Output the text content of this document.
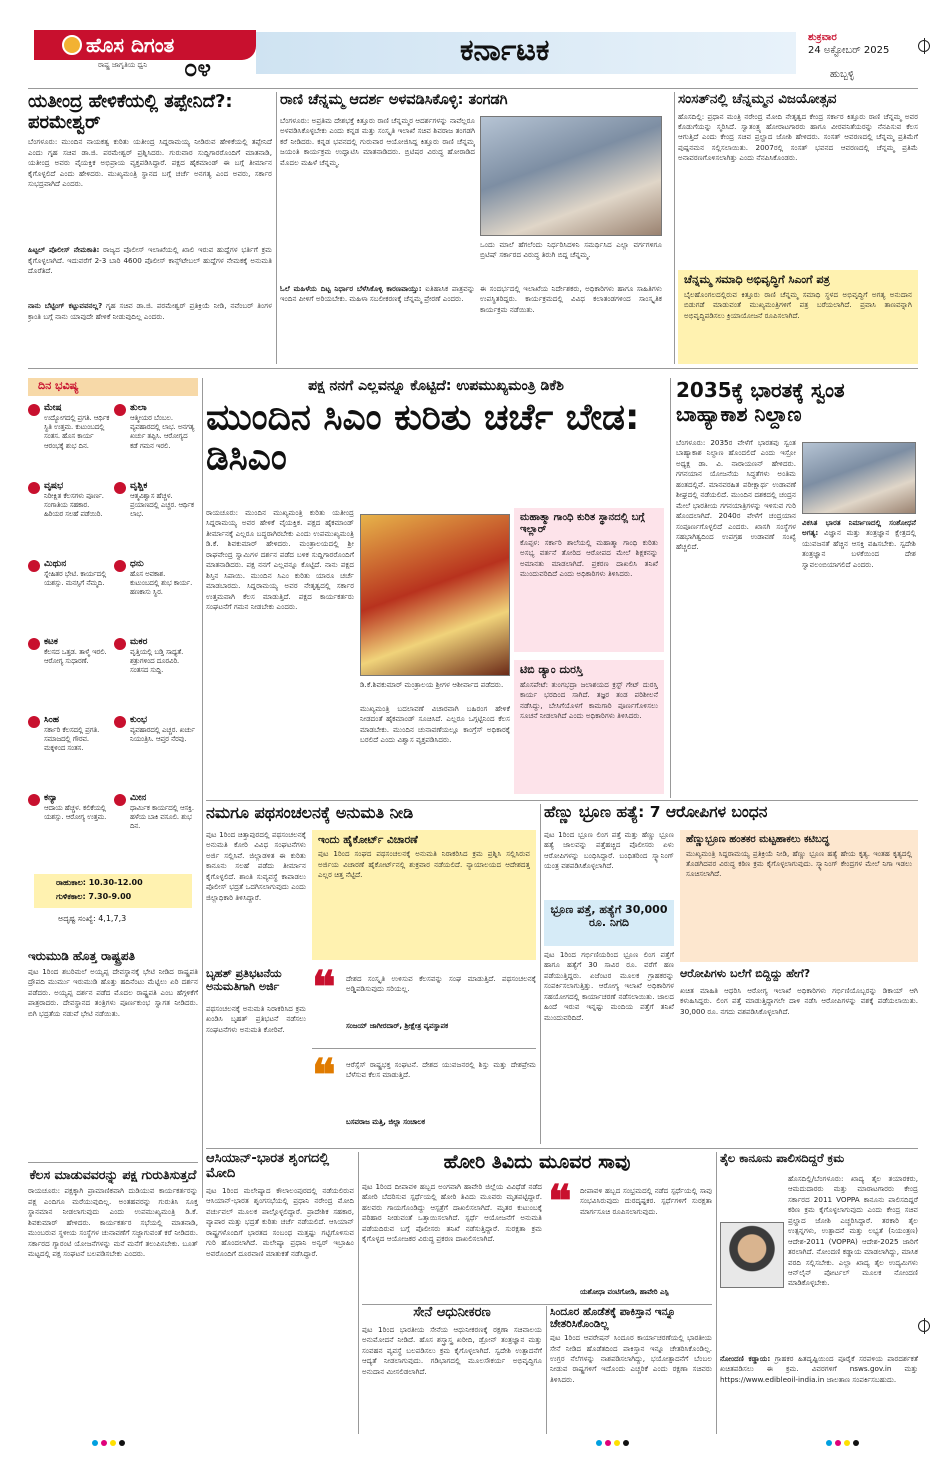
ಹೊಸ ದಿಗಂತ
ರಾಷ್ಟ್ರ ಜಾಗೃತಿಯ ಧ್ವನಿ ೦೪	ಕರ್ನಾಟಕ	ಶುಕ್ರವಾರ
24 ಅಕ್ಟೋಬರ್ 2025
ಹುಬ್ಬಳ್ಳಿ
ಯತೀಂದ್ರ ಹೇಳಿಕೆಯಲ್ಲಿ ತಪ್ಪೇನಿದೆ?: ಪರಮೇಶ್ವರ್
ಬೆಂಗಳೂರು: ಮುಂದಿನ ನಾಯಕತ್ವ ಕುರಿತು ಯತೀಂದ್ರ ಸಿದ್ದರಾಮಯ್ಯ ನೀಡಿರುವ ಹೇಳಿಕೆಯಲ್ಲಿ ತಪ್ಪೇನಿದೆ ಎಂದು ಗೃಹ ಸಚಿವ ಡಾ.ಜಿ. ಪರಮೇಶ್ವರ್ ಪ್ರಶ್ನಿಸಿದರು. ಗುರುವಾರ ಸುದ್ದಿಗಾರರೊಂದಿಗೆ ಮಾತನಾಡಿ, ಯತೀಂದ್ರ ಅವರು ವೈಯಕ್ತಿಕ ಅಭಿಪ್ರಾಯ ವ್ಯಕ್ತಪಡಿಸಿದ್ದಾರೆ. ಪಕ್ಷದ ಹೈಕಮಾಂಡ್ ಈ ಬಗ್ಗೆ ತೀರ್ಮಾನ ಕೈಗೊಳ್ಳಲಿದೆ ಎಂದು ಹೇಳಿದರು. ಮುಖ್ಯಮಂತ್ರಿ ಸ್ಥಾನದ ಬಗ್ಗೆ ಚರ್ಚೆ ಅನಗತ್ಯ ಎಂದ ಅವರು, ಸರ್ಕಾರ ಸುಭದ್ರವಾಗಿದೆ ಎಂದರು.
ಹಿಟ್ಟಲ್ ಪೊಲೀಸ್ ನೇಮಕಾತಿ: ರಾಜ್ಯದ ಪೊಲೀಸ್ ಇಲಾಖೆಯಲ್ಲಿ ಖಾಲಿ ಇರುವ ಹುದ್ದೆಗಳ ಭರ್ತಿಗೆ ಕ್ರಮ ಕೈಗೊಳ್ಳಲಾಗಿದೆ. ಇದುವರೆಗೆ 2-3 ಬಾರಿ 4600 ಪೊಲೀಸ್ ಕಾನ್ಸ್‌ಟೇಬಲ್ ಹುದ್ದೆಗಳ ನೇಮಕಕ್ಕೆ ಅನುಮತಿ ದೊರೆತಿದೆ.
ನಾನು ಬೆಟ್ಟಿಂಗ್ ಕಟ್ಟುವವನಲ್ಲ? ಗೃಹ ಸಚಿವ ಡಾ.ಜಿ. ಪರಮೇಶ್ವರ್ ಪ್ರತಿಕ್ರಿಯೆ ನೀಡಿ, ನವೆಂಬರ್ ತಿಂಗಳ ಕ್ರಾಂತಿ ಬಗ್ಗೆ ನಾನು ಯಾವುದೇ ಹೇಳಿಕೆ ನೀಡುವುದಿಲ್ಲ ಎಂದರು.
ರಾಣಿ ಚೆನ್ನಮ್ಮ ಆದರ್ಶ ಅಳವಡಿಸಿಕೊಳ್ಳಿ: ತಂಗಡಗಿ
ಬೆಂಗಳೂರು: ಅಪ್ರತಿಮ ದೇಶಭಕ್ತೆ ಕಿತ್ತೂರು ರಾಣಿ ಚೆನ್ನಮ್ಮರ ಆದರ್ಶಗಳನ್ನು ನಾವೆಲ್ಲರೂ ಅಳವಡಿಸಿಕೊಳ್ಳಬೇಕು ಎಂದು ಕನ್ನಡ ಮತ್ತು ಸಂಸ್ಕೃತಿ ಇಲಾಖೆ ಸಚಿವ ಶಿವರಾಜ ತಂಗಡಗಿ ಕರೆ ನೀಡಿದರು. ಕನ್ನಡ ಭವನದಲ್ಲಿ ಗುರುವಾರ ಆಯೋಜಿಸಿದ್ದ ಕಿತ್ತೂರು ರಾಣಿ ಚೆನ್ನಮ್ಮ ಜಯಂತಿ ಕಾರ್ಯಕ್ರಮ ಉದ್ಘಾಟಿಸಿ ಮಾತನಾಡಿದರು. ಬ್ರಿಟಿಷರ ವಿರುದ್ಧ ಹೋರಾಡಿದ ಮೊದಲ ಮಹಿಳೆ ಚೆನ್ನಮ್ಮ.
ಓಲೆ ಮಹಿಳೆಯ ದಿಟ್ಟ ನಿರ್ಧಾರ ಬೆಳೆಸಿಕೊಳ್ಳಿ ಕಾರಣವಾಯ್ತು: ಐತಿಹಾಸಿಕ ಪಾತ್ರವನ್ನು ಇಂದಿನ ಪೀಳಿಗೆ ಅರಿಯಬೇಕು. ಮಹಿಳಾ ಸಬಲೀಕರಣಕ್ಕೆ ಚೆನ್ನಮ್ಮ ಪ್ರೇರಣೆ ಎಂದರು.
ಒಂದು ಮಾಲೆ ಹೆಗಲೆಂದು ನಿರ್ಧರಿಸಿದಳಿನಿ ಸಮರ್ಥಿಸಿದ ಎಲ್ಲಾ ವರ್ಗಗಳಿಗೂ ಬ್ರಿಟಿಷ್ ಸರ್ಕಾರದ ವಿರುದ್ಧ ತಿರುಗಿ ಬಿದ್ದ ಚೆನ್ನಮ್ಮ.
ಈ ಸಂದರ್ಭದಲ್ಲಿ ಇಲಾಖೆಯ ನಿರ್ದೇಶಕರು, ಅಧಿಕಾರಿಗಳು ಹಾಗೂ ಸಾಹಿತಿಗಳು ಉಪಸ್ಥಿತರಿದ್ದರು. ಕಾರ್ಯಕ್ರಮದಲ್ಲಿ ವಿವಿಧ ಕಲಾತಂಡಗಳಿಂದ ಸಾಂಸ್ಕೃತಿಕ ಕಾರ್ಯಕ್ರಮ ನಡೆಯಿತು.
ಸಂಸತ್‌ನಲ್ಲಿ ಚೆನ್ನಮ್ಮನ ವಿಜಯೋತ್ಸವ
ಹೊಸದಿಲ್ಲಿ: ಪ್ರಧಾನ ಮಂತ್ರಿ ನರೇಂದ್ರ ಮೋದಿ ನೇತೃತ್ವದ ಕೇಂದ್ರ ಸರ್ಕಾರ ಕಿತ್ತೂರು ರಾಣಿ ಚೆನ್ನಮ್ಮ ಅವರ ಕೊಡುಗೆಯನ್ನು ಸ್ಮರಿಸಿದೆ. ಸ್ವಾತಂತ್ರ್ಯ ಹೋರಾಟಗಾರರು ಹಾಗೂ ವೀರವನಿತೆಯರನ್ನು ನೆನಪಿಸುವ ಕೆಲಸ ಆಗುತ್ತಿದೆ ಎಂದು ಕೇಂದ್ರ ಸಚಿವ ಪ್ರಲ್ಹಾದ ಜೋಶಿ ಹೇಳಿದರು. ಸಂಸತ್ ಆವರಣದಲ್ಲಿ ಚೆನ್ನಮ್ಮ ಪ್ರತಿಮೆಗೆ ಪುಷ್ಪನಮನ ಸಲ್ಲಿಸಲಾಯಿತು. 2007ರಲ್ಲಿ ಸಂಸತ್ ಭವನದ ಆವರಣದಲ್ಲಿ ಚೆನ್ನಮ್ಮ ಪ್ರತಿಮೆ ಅನಾವರಣಗೊಳಿಸಲಾಗಿತ್ತು ಎಂದು ನೆನಪಿಸಿಕೊಂಡರು.
ಚೆನ್ನಮ್ಮ ಸಮಾಧಿ ಅಭಿವೃದ್ಧಿಗೆ ಸಿಎಂಗೆ ಪತ್ರ
ಬೈಲಹೊಂಗಲದಲ್ಲಿರುವ ಕಿತ್ತೂರು ರಾಣಿ ಚೆನ್ನಮ್ಮ ಸಮಾಧಿ ಸ್ಥಳದ ಅಭಿವೃದ್ಧಿಗೆ ಅಗತ್ಯ ಅನುದಾನ ಬಿಡುಗಡೆ ಮಾಡುವಂತೆ ಮುಖ್ಯಮಂತ್ರಿಗಳಿಗೆ ಪತ್ರ ಬರೆಯಲಾಗಿದೆ. ಪ್ರವಾಸಿ ತಾಣವನ್ನಾಗಿ ಅಭಿವೃದ್ಧಿಪಡಿಸಲು ಕ್ರಿಯಾಯೋಜನೆ ರೂಪಿಸಲಾಗಿದೆ.
ದಿನ ಭವಿಷ್ಯ
ಮೇಷ
ಉದ್ಯೋಗದಲ್ಲಿ ಪ್ರಗತಿ. ಆರ್ಥಿಕ ಸ್ಥಿತಿ ಉತ್ತಮ. ಕುಟುಂಬದಲ್ಲಿ ಸಂತಸ. ಹೊಸ ಕಾರ್ಯ ಆರಂಭಕ್ಕೆ ಶುಭ ದಿನ.
ತುಲಾ
ಆತ್ಮೀಯರ ಬೆಂಬಲ. ವ್ಯವಹಾರದಲ್ಲಿ ಲಾಭ. ಅನಗತ್ಯ ಖರ್ಚು ತಪ್ಪಿಸಿ. ಆರೋಗ್ಯದ ಕಡೆ ಗಮನ ಇರಲಿ.
ವೃಷಭ
ನಿರೀಕ್ಷಿತ ಕೆಲಸಗಳು ಪೂರ್ಣ. ಸಂಗಾತಿಯ ಸಹಕಾರ. ಹಿರಿಯರ ಸಲಹೆ ಪಡೆಯಿರಿ.
ವೃಶ್ಚಿಕ
ಆತ್ಮವಿಶ್ವಾಸ ಹೆಚ್ಚಳ. ಪ್ರಯಾಣದಲ್ಲಿ ಎಚ್ಚರ. ಆರ್ಥಿಕ ಲಾಭ.
ಮಿಥುನ
ಸ್ನೇಹಿತರ ಭೇಟಿ. ಕಾರ್ಯದಲ್ಲಿ ಯಶಸ್ಸು. ಮನಸ್ಸಿಗೆ ನೆಮ್ಮದಿ.
ಧನು
ಹೊಸ ಅವಕಾಶ. ಕುಟುಂಬದಲ್ಲಿ ಶುಭ ಕಾರ್ಯ. ಹಣಕಾಸು ಸ್ಥಿರ.
ಕಟಕ
ಕೆಲಸದ ಒತ್ತಡ. ತಾಳ್ಮೆ ಇರಲಿ. ಆರೋಗ್ಯ ಸುಧಾರಣೆ.
ಮಕರ
ವೃತ್ತಿಯಲ್ಲಿ ಬಡ್ತಿ ಸಾಧ್ಯತೆ. ಶತ್ರುಗಳಿಂದ ದೂರವಿರಿ. ಸಂತಸದ ಸುದ್ದಿ.
ಸಿಂಹ
ಸರ್ಕಾರಿ ಕೆಲಸದಲ್ಲಿ ಪ್ರಗತಿ. ಸಮಾಜದಲ್ಲಿ ಗೌರವ. ಮಕ್ಕಳಿಂದ ಸಂತಸ.
ಕುಂಭ
ವ್ಯವಹಾರದಲ್ಲಿ ಎಚ್ಚರ. ಖರ್ಚು ನಿಯಂತ್ರಿಸಿ. ಆಪ್ತರ ನೆರವು.
ಕನ್ಯಾ
ಆದಾಯ ಹೆಚ್ಚಳ. ಕಲಿಕೆಯಲ್ಲಿ ಯಶಸ್ಸು. ಆರೋಗ್ಯ ಉತ್ತಮ.
ಮೀನ
ಧಾರ್ಮಿಕ ಕಾರ್ಯದಲ್ಲಿ ಆಸಕ್ತಿ. ಹಳೆಯ ಬಾಕಿ ವಸೂಲಿ. ಶುಭ ದಿನ.
ರಾಹುಕಾಲ: 10.30-12.00
ಗುಳಿಕಕಾಲ: 7.30-9.00
ಅದೃಷ್ಟ ಸಂಖ್ಯೆ: 4,1,7,3
ಪಕ್ಷ ನನಗೆ ಎಲ್ಲವನ್ನೂ ಕೊಟ್ಟಿದೆ: ಉಪಮುಖ್ಯಮಂತ್ರಿ ಡಿಕೆಶಿ
ಮುಂದಿನ ಸಿಎಂ ಕುರಿತು ಚರ್ಚೆ ಬೇಡ: ಡಿಸಿಎಂ
ರಾಯಚೂರು: ಮುಂದಿನ ಮುಖ್ಯಮಂತ್ರಿ ಕುರಿತು ಯತೀಂದ್ರ ಸಿದ್ದರಾಮಯ್ಯ ಅವರ ಹೇಳಿಕೆ ವೈಯಕ್ತಿಕ. ಪಕ್ಷದ ಹೈಕಮಾಂಡ್ ತೀರ್ಮಾನಕ್ಕೆ ಎಲ್ಲರೂ ಬದ್ಧರಾಗಿರಬೇಕು ಎಂದು ಉಪಮುಖ್ಯಮಂತ್ರಿ ಡಿ.ಕೆ. ಶಿವಕುಮಾರ್ ಹೇಳಿದರು. ಮಂತ್ರಾಲಯದಲ್ಲಿ ಶ್ರೀ ರಾಘವೇಂದ್ರ ಸ್ವಾಮಿಗಳ ದರ್ಶನ ಪಡೆದ ಬಳಿಕ ಸುದ್ದಿಗಾರರೊಂದಿಗೆ ಮಾತನಾಡಿದರು. ಪಕ್ಷ ನನಗೆ ಎಲ್ಲವನ್ನೂ ಕೊಟ್ಟಿದೆ. ನಾನು ಪಕ್ಷದ ಶಿಸ್ತಿನ ಸಿಪಾಯಿ. ಮುಂದಿನ ಸಿಎಂ ಕುರಿತು ಯಾರೂ ಚರ್ಚೆ ಮಾಡಬಾರದು. ಸಿದ್ದರಾಮಯ್ಯ ಅವರ ನೇತೃತ್ವದಲ್ಲಿ ಸರ್ಕಾರ ಉತ್ತಮವಾಗಿ ಕೆಲಸ ಮಾಡುತ್ತಿದೆ. ಪಕ್ಷದ ಕಾರ್ಯಕರ್ತರು ಸಂಘಟನೆಗೆ ಗಮನ ನೀಡಬೇಕು ಎಂದರು.
ಡಿ.ಕೆ.ಶಿವಕುಮಾರ್ ಮಂತ್ರಾಲಯ ಶ್ರೀಗಳ ಆಶೀರ್ವಾದ ಪಡೆದರು.
ಮುಖ್ಯಮಂತ್ರಿ ಬದಲಾವಣೆ ವಿಚಾರವಾಗಿ ಬಹಿರಂಗ ಹೇಳಿಕೆ ನೀಡದಂತೆ ಹೈಕಮಾಂಡ್ ಸೂಚಿಸಿದೆ. ಎಲ್ಲರೂ ಒಗ್ಗಟ್ಟಿನಿಂದ ಕೆಲಸ ಮಾಡಬೇಕು. ಮುಂದಿನ ಚುನಾವಣೆಯಲ್ಲೂ ಕಾಂಗ್ರೆಸ್ ಅಧಿಕಾರಕ್ಕೆ ಬರಲಿದೆ ಎಂದು ವಿಶ್ವಾಸ ವ್ಯಕ್ತಪಡಿಸಿದರು.
ಮಹಾತ್ಮಾ ಗಾಂಧಿ ಕುರಿತ ಸ್ಥಾನದಲ್ಲಿ ಬಗ್ಗೆ ಇಲ್ಲಾರ್
ಕೊಪ್ಪಳ: ಸರ್ಕಾರಿ ಶಾಲೆಯಲ್ಲಿ ಮಹಾತ್ಮಾ ಗಾಂಧಿ ಕುರಿತು ಅಸಭ್ಯ ವರ್ತನೆ ತೋರಿದ ಆರೋಪದ ಮೇಲೆ ಶಿಕ್ಷಕನನ್ನು ಅಮಾನತು ಮಾಡಲಾಗಿದೆ. ಪ್ರಕರಣ ದಾಖಲಿಸಿ ತನಿಖೆ ಮುಂದುವರಿದಿದೆ ಎಂದು ಅಧಿಕಾರಿಗಳು ತಿಳಿಸಿದರು.
ಟಿಬಿ ಡ್ಯಾಂ ದುರಸ್ತಿ
ಹೊಸಪೇಟೆ: ತುಂಗಭದ್ರಾ ಜಲಾಶಯದ ಕ್ರಸ್ಟ್ ಗೇಟ್ ದುರಸ್ತಿ ಕಾರ್ಯ ಭರದಿಂದ ಸಾಗಿದೆ. ತಜ್ಞರ ತಂಡ ಪರಿಶೀಲನೆ ನಡೆಸಿದ್ದು, ಬೇಸಿಗೆಯೊಳಗೆ ಕಾಮಗಾರಿ ಪೂರ್ಣಗೊಳಿಸಲು ಸೂಚನೆ ನೀಡಲಾಗಿದೆ ಎಂದು ಅಧಿಕಾರಿಗಳು ತಿಳಿಸಿದರು.
2035ಕ್ಕೆ ಭಾರತಕ್ಕೆ ಸ್ವಂತ ಬಾಹ್ಯಾಕಾಶ ನಿಲ್ದಾಣ
ಬೆಂಗಳೂರು: 2035ರ ವೇಳೆಗೆ ಭಾರತವು ಸ್ವಂತ ಬಾಹ್ಯಾಕಾಶ ನಿಲ್ದಾಣ ಹೊಂದಲಿದೆ ಎಂದು ಇಸ್ರೋ ಅಧ್ಯಕ್ಷ ಡಾ. ವಿ. ನಾರಾಯಣನ್ ಹೇಳಿದರು. ಗಗನಯಾನ ಯೋಜನೆಯ ಸಿದ್ಧತೆಗಳು ಅಂತಿಮ ಹಂತದಲ್ಲಿವೆ. ಮಾನವರಹಿತ ಪರೀಕ್ಷಾರ್ಥ ಉಡಾವಣೆ ಶೀಘ್ರದಲ್ಲಿ ನಡೆಯಲಿದೆ. ಮುಂದಿನ ದಶಕದಲ್ಲಿ ಚಂದ್ರನ ಮೇಲೆ ಭಾರತೀಯ ಗಗನಯಾತ್ರಿಗಳನ್ನು ಇಳಿಸುವ ಗುರಿ ಹೊಂದಲಾಗಿದೆ. 2040ರ ವೇಳೆಗೆ ಚಂದ್ರಯಾನ ಸಂಪೂರ್ಣಗೊಳ್ಳಲಿದೆ ಎಂದರು. ಖಾಸಗಿ ಸಂಸ್ಥೆಗಳ ಸಹಭಾಗಿತ್ವದಿಂದ ಉಪಗ್ರಹ ಉಡಾವಣೆ ಸಂಖ್ಯೆ ಹೆಚ್ಚಲಿದೆ.
ವಿಕಸಿತ ಭಾರತ ನಿರ್ಮಾಣದಲ್ಲಿ ಸಂಶೋಧನೆ ಅಗತ್ಯ: ವಿಜ್ಞಾನ ಮತ್ತು ತಂತ್ರಜ್ಞಾನ ಕ್ಷೇತ್ರದಲ್ಲಿ ಯುವಜನತೆ ಹೆಚ್ಚಿನ ಆಸಕ್ತಿ ವಹಿಸಬೇಕು. ಸ್ವದೇಶಿ ತಂತ್ರಜ್ಞಾನ ಬಳಕೆಯಿಂದ ದೇಶ ಸ್ವಾವಲಂಬಿಯಾಗಲಿದೆ ಎಂದರು.
ನಮಗೂ ಪಥಸಂಚಲನಕ್ಕೆ ಅನುಮತಿ ನೀಡಿ
ಪುಟ 1ರಿಂದ ಚಿತ್ತಾಪುರದಲ್ಲಿ ಪಥಸಂಚಲನಕ್ಕೆ ಅನುಮತಿ ಕೋರಿ ವಿವಿಧ ಸಂಘಟನೆಗಳು ಅರ್ಜಿ ಸಲ್ಲಿಸಿವೆ. ಜಿಲ್ಲಾಡಳಿತ ಈ ಕುರಿತು ಕಾನೂನು ಸಲಹೆ ಪಡೆದು ತೀರ್ಮಾನ ಕೈಗೊಳ್ಳಲಿದೆ. ಶಾಂತಿ ಸುವ್ಯವಸ್ಥೆ ಕಾಪಾಡಲು ಪೊಲೀಸ್ ಭದ್ರತೆ ಒದಗಿಸಲಾಗುವುದು ಎಂದು ಜಿಲ್ಲಾಧಿಕಾರಿ ತಿಳಿಸಿದ್ದಾರೆ.
ಇಂದು ಹೈಕೋರ್ಟ್ ವಿಚಾರಣೆ
ಪುಟ 1ರಿಂದ ಸಂಘದ ಪಥಸಂಚಲನಕ್ಕೆ ಅನುಮತಿ ನಿರಾಕರಿಸಿದ ಕ್ರಮ ಪ್ರಶ್ನಿಸಿ ಸಲ್ಲಿಸಿರುವ ಅರ್ಜಿಯ ವಿಚಾರಣೆ ಹೈಕೋರ್ಟ್‌ನಲ್ಲಿ ಶುಕ್ರವಾರ ನಡೆಯಲಿದೆ. ನ್ಯಾಯಾಲಯದ ಆದೇಶದತ್ತ ಎಲ್ಲರ ಚಿತ್ತ ನೆಟ್ಟಿದೆ.
ಬೃಹತ್ ಪ್ರತಿಭಟನೆಯ ಅನುಮತಿಗಾಗಿ ಅರ್ಜಿ
ಪಥಸಂಚಲನಕ್ಕೆ ಅನುಮತಿ ನಿರಾಕರಿಸಿದ ಕ್ರಮ ಖಂಡಿಸಿ ಬೃಹತ್ ಪ್ರತಿಭಟನೆ ನಡೆಸಲು ಸಂಘಟನೆಗಳು ಅನುಮತಿ ಕೋರಿವೆ.
❝ ದೇಶದ ಸಂಸ್ಕೃತಿ ಉಳಿಸುವ ಕೆಲಸವನ್ನು ಸಂಘ ಮಾಡುತ್ತಿದೆ. ಪಥಸಂಚಲನಕ್ಕೆ ಅಡ್ಡಿಪಡಿಸುವುದು ಸರಿಯಲ್ಲ.
ಸಂಜಯ್ ಜಾಗೀರದಾರ್, ಶ್ರೀಕ್ಷೇತ್ರ ವ್ಯವಸ್ಥಾಪಕ
❝ ಆರೆಸ್ಸೆಸ್ ರಾಷ್ಟ್ರಭಕ್ತ ಸಂಘಟನೆ. ದೇಶದ ಯುವಜನರಲ್ಲಿ ಶಿಸ್ತು ಮತ್ತು ದೇಶಪ್ರೇಮ ಬೆಳೆಸುವ ಕೆಲಸ ಮಾಡುತ್ತಿದೆ.
ಬಸವರಾಜ ಮತ್ತಿ, ಜಿಲ್ಲಾ ಸಂಚಾಲಕ
ಹೆಣ್ಣು ಭ್ರೂಣ ಹತ್ಯೆ: 7 ಆರೋಪಿಗಳ ಬಂಧನ
ಪುಟ 1ರಿಂದ ಭ್ರೂಣ ಲಿಂಗ ಪತ್ತೆ ಮತ್ತು ಹೆಣ್ಣು ಭ್ರೂಣ ಹತ್ಯೆ ಜಾಲವನ್ನು ಪತ್ತೆಹಚ್ಚಿದ ಪೊಲೀಸರು ಏಳು ಆರೋಪಿಗಳನ್ನು ಬಂಧಿಸಿದ್ದಾರೆ. ಬಂಧಿತರಿಂದ ಸ್ಕ್ಯಾನಿಂಗ್ ಯಂತ್ರ ವಶಪಡಿಸಿಕೊಳ್ಳಲಾಗಿದೆ.
ಭ್ರೂಣ ಪತ್ತೆ, ಹತ್ಯೆಗೆ 30,000 ರೂ. ನಿಗದಿ
ಪುಟ 1ರಿಂದ ಗರ್ಭಿಣಿಯರಿಂದ ಭ್ರೂಣ ಲಿಂಗ ಪತ್ತೆಗೆ ಹಾಗೂ ಹತ್ಯೆಗೆ 30 ಸಾವಿರ ರೂ. ವರೆಗೆ ಹಣ ಪಡೆಯುತ್ತಿದ್ದರು. ಏಜೆಂಟರ ಮೂಲಕ ಗ್ರಾಹಕರನ್ನು ಸಂಪರ್ಕಿಸಲಾಗುತ್ತಿತ್ತು. ಆರೋಗ್ಯ ಇಲಾಖೆ ಅಧಿಕಾರಿಗಳ ಸಹಯೋಗದಲ್ಲಿ ಕಾರ್ಯಾಚರಣೆ ನಡೆಸಲಾಯಿತು. ಜಾಲದ ಹಿಂದೆ ಇರುವ ಇನ್ನಷ್ಟು ಮಂದಿಯ ಪತ್ತೆಗೆ ತನಿಖೆ ಮುಂದುವರಿದಿದೆ.
ಹೆಣ್ಣುಭ್ರೂಣ ಹಂತಕರ ಮಟ್ಟಹಾಕಲು ಕಟಿಬದ್ಧ
ಮುಖ್ಯಮಂತ್ರಿ ಸಿದ್ದರಾಮಯ್ಯ ಪ್ರತಿಕ್ರಿಯೆ ನೀಡಿ, ಹೆಣ್ಣು ಭ್ರೂಣ ಹತ್ಯೆ ಹೇಯ ಕೃತ್ಯ. ಇಂತಹ ಕೃತ್ಯದಲ್ಲಿ ತೊಡಗಿದವರ ವಿರುದ್ಧ ಕಠಿಣ ಕ್ರಮ ಕೈಗೊಳ್ಳಲಾಗುವುದು. ಸ್ಕ್ಯಾನಿಂಗ್ ಕೇಂದ್ರಗಳ ಮೇಲೆ ನಿಗಾ ಇಡಲು ಸೂಚಿಸಲಾಗಿದೆ.
ಆರೋಪಿಗಳು ಬಲೆಗೆ ಬಿದ್ದಿದ್ದು ಹೇಗೆ?
ಖಚಿತ ಮಾಹಿತಿ ಆಧರಿಸಿ ಆರೋಗ್ಯ ಇಲಾಖೆ ಅಧಿಕಾರಿಗಳು ಗರ್ಭಿಣಿಯೊಬ್ಬರನ್ನು ಡಿಕಾಯ್ ಆಗಿ ಕಳುಹಿಸಿದ್ದರು. ಲಿಂಗ ಪತ್ತೆ ಮಾಡುತ್ತಿದ್ದಾಗಲೇ ದಾಳಿ ನಡೆಸಿ ಆರೋಪಿಗಳನ್ನು ವಶಕ್ಕೆ ಪಡೆಯಲಾಯಿತು. 30,000 ರೂ. ನಗದು ವಶಪಡಿಸಿಕೊಳ್ಳಲಾಗಿದೆ.
ಇರುಮುಡಿ ಹೊತ್ತ ರಾಷ್ಟ್ರಪತಿ
ಪುಟ 1ರಿಂದ ಶಬರಿಮಲೆ ಅಯ್ಯಪ್ಪ ದೇವಸ್ಥಾನಕ್ಕೆ ಭೇಟಿ ನೀಡಿದ ರಾಷ್ಟ್ರಪತಿ ದ್ರೌಪದಿ ಮುರ್ಮು ಇರುಮುಡಿ ಹೊತ್ತು ಹದಿನೆಂಟು ಮೆಟ್ಟಿಲು ಏರಿ ದರ್ಶನ ಪಡೆದರು. ಅಯ್ಯಪ್ಪ ದರ್ಶನ ಪಡೆದ ಮೊದಲ ರಾಷ್ಟ್ರಪತಿ ಎಂಬ ಹೆಗ್ಗಳಿಕೆಗೆ ಪಾತ್ರರಾದರು. ದೇವಸ್ಥಾನದ ತಂತ್ರಿಗಳು ಪೂರ್ಣಕುಂಭ ಸ್ವಾಗತ ನೀಡಿದರು. ಬಿಗಿ ಭದ್ರತೆಯ ನಡುವೆ ಭೇಟಿ ನಡೆಯಿತು.
ಕೆಲಸ ಮಾಡುವವರನ್ನು ಪಕ್ಷ ಗುರುತಿಸುತ್ತದೆ
ರಾಯಚೂರು: ಪಕ್ಷಕ್ಕಾಗಿ ಪ್ರಾಮಾಣಿಕವಾಗಿ ದುಡಿಯುವ ಕಾರ್ಯಕರ್ತರನ್ನು ಪಕ್ಷ ಎಂದಿಗೂ ಮರೆಯುವುದಿಲ್ಲ. ಅಂತಹವರನ್ನು ಗುರುತಿಸಿ ಸೂಕ್ತ ಸ್ಥಾನಮಾನ ನೀಡಲಾಗುವುದು ಎಂದು ಉಪಮುಖ್ಯಮಂತ್ರಿ ಡಿ.ಕೆ. ಶಿವಕುಮಾರ್ ಹೇಳಿದರು. ಕಾರ್ಯಕರ್ತರ ಸಭೆಯಲ್ಲಿ ಮಾತನಾಡಿ, ಮುಂಬರುವ ಸ್ಥಳೀಯ ಸಂಸ್ಥೆಗಳ ಚುನಾವಣೆಗೆ ಸಜ್ಜಾಗುವಂತೆ ಕರೆ ನೀಡಿದರು. ಸರ್ಕಾರದ ಗ್ಯಾರಂಟಿ ಯೋಜನೆಗಳನ್ನು ಮನೆ ಮನೆಗೆ ತಲುಪಿಸಬೇಕು. ಬೂತ್ ಮಟ್ಟದಲ್ಲಿ ಪಕ್ಷ ಸಂಘಟನೆ ಬಲಪಡಿಸಬೇಕು ಎಂದರು.
ಆಸಿಯಾನ್-ಭಾರತ ಶೃಂಗದಲ್ಲಿ ಮೋದಿ
ಪುಟ 1ರಿಂದ ಮಲೇಷ್ಯಾದ ಕೌಲಾಲಂಪುರದಲ್ಲಿ ನಡೆಯಲಿರುವ ಆಸಿಯಾನ್-ಭಾರತ ಶೃಂಗಸಭೆಯಲ್ಲಿ ಪ್ರಧಾನಿ ನರೇಂದ್ರ ಮೋದಿ ವರ್ಚುವಲ್ ಮೂಲಕ ಪಾಲ್ಗೊಳ್ಳಲಿದ್ದಾರೆ. ಪ್ರಾದೇಶಿಕ ಸಹಕಾರ, ವ್ಯಾಪಾರ ಮತ್ತು ಭದ್ರತೆ ಕುರಿತು ಚರ್ಚೆ ನಡೆಯಲಿದೆ. ಆಸಿಯಾನ್ ರಾಷ್ಟ್ರಗಳೊಂದಿಗೆ ಭಾರತದ ಸಂಬಂಧ ಮತ್ತಷ್ಟು ಗಟ್ಟಿಗೊಳಿಸುವ ಗುರಿ ಹೊಂದಲಾಗಿದೆ. ಮಲೇಷ್ಯಾ ಪ್ರಧಾನಿ ಅನ್ವರ್ ಇಬ್ರಾಹಿಂ ಅವರೊಂದಿಗೆ ದೂರವಾಣಿ ಮಾತುಕತೆ ನಡೆಸಿದ್ದಾರೆ.
ಹೋರಿ ತಿವಿದು ಮೂವರ ಸಾವು
ಪುಟ 1ರಿಂದ ದೀಪಾವಳಿ ಹಬ್ಬದ ಅಂಗವಾಗಿ ಹಾವೇರಿ ಜಿಲ್ಲೆಯ ವಿವಿಧೆಡೆ ನಡೆದ ಹೋರಿ ಬೆದರಿಸುವ ಸ್ಪರ್ಧೆಯಲ್ಲಿ ಹೋರಿ ತಿವಿದು ಮೂವರು ಮೃತಪಟ್ಟಿದ್ದಾರೆ. ಹಲವರು ಗಾಯಗೊಂಡಿದ್ದು ಆಸ್ಪತ್ರೆಗೆ ದಾಖಲಿಸಲಾಗಿದೆ. ಮೃತರ ಕುಟುಂಬಕ್ಕೆ ಪರಿಹಾರ ನೀಡುವಂತೆ ಒತ್ತಾಯಿಸಲಾಗಿದೆ. ಸ್ಪರ್ಧೆ ಆಯೋಜನೆಗೆ ಅನುಮತಿ ಪಡೆಯದಿರುವ ಬಗ್ಗೆ ಪೊಲೀಸರು ತನಿಖೆ ನಡೆಸುತ್ತಿದ್ದಾರೆ. ಸುರಕ್ಷತಾ ಕ್ರಮ ಕೈಗೊಳ್ಳದ ಆಯೋಜಕರ ವಿರುದ್ಧ ಪ್ರಕರಣ ದಾಖಲಿಸಲಾಗಿದೆ.
❝ ದೀಪಾವಳಿ ಹಬ್ಬದ ಸಂಭ್ರಮದಲ್ಲಿ ನಡೆದ ಸ್ಪರ್ಧೆಯಲ್ಲಿ ಸಾವು ಸಂಭವಿಸಿರುವುದು ದುರದೃಷ್ಟಕರ. ಸ್ಪರ್ಧೆಗಳಿಗೆ ಸುರಕ್ಷತಾ ಮಾರ್ಗಸೂಚಿ ರೂಪಿಸಲಾಗುವುದು.
ಯಶೋಧಾ ವಂಟಿಗೋಡಿ, ಹಾವೇರಿ ಎಸ್ಪಿ
ಸೇನೆ ಆಧುನೀಕರಣ
ಪುಟ 1ರಿಂದ ಭಾರತೀಯ ಸೇನೆಯ ಆಧುನೀಕರಣಕ್ಕೆ ರಕ್ಷಣಾ ಸಚಿವಾಲಯ ಅನುಮೋದನೆ ನೀಡಿದೆ. ಹೊಸ ಶಸ್ತ್ರಾಸ್ತ್ರ ಖರೀದಿ, ಡ್ರೋನ್ ತಂತ್ರಜ್ಞಾನ ಮತ್ತು ಸಂವಹನ ವ್ಯವಸ್ಥೆ ಬಲಪಡಿಸಲು ಕ್ರಮ ಕೈಗೊಳ್ಳಲಾಗಿದೆ. ಸ್ವದೇಶಿ ಉತ್ಪಾದನೆಗೆ ಆದ್ಯತೆ ನೀಡಲಾಗುವುದು. ಗಡಿಭಾಗದಲ್ಲಿ ಮೂಲಸೌಕರ್ಯ ಅಭಿವೃದ್ಧಿಗೂ ಅನುದಾನ ಮೀಸಲಿಡಲಾಗಿದೆ.
ಸಿಂದೂರ ಹೊಡೆತಕ್ಕೆ ಪಾಕಿಸ್ತಾನ ಇನ್ನೂ ಚೇತರಿಸಿಕೊಂಡಿಲ್ಲ
ಪುಟ 1ರಿಂದ ಆಪರೇಷನ್ ಸಿಂದೂರ ಕಾರ್ಯಾಚರಣೆಯಲ್ಲಿ ಭಾರತೀಯ ಸೇನೆ ನೀಡಿದ ಹೊಡೆತದಿಂದ ಪಾಕಿಸ್ತಾನ ಇನ್ನೂ ಚೇತರಿಸಿಕೊಂಡಿಲ್ಲ. ಉಗ್ರರ ನೆಲೆಗಳನ್ನು ನಾಶಪಡಿಸಲಾಗಿದ್ದು, ಭಯೋತ್ಪಾದನೆಗೆ ಬೆಂಬಲ ನೀಡುವ ರಾಷ್ಟ್ರಗಳಿಗೆ ಇದೊಂದು ಎಚ್ಚರಿಕೆ ಎಂದು ರಕ್ಷಣಾ ಸಚಿವರು ತಿಳಿಸಿದರು.
ತೈಲ ಕಾನೂನು ಪಾಲಿಸದಿದ್ದರೆ ಕ್ರಮ
ಹೊಸದಿಲ್ಲಿ/ಬೆಂಗಳೂರು: ಖಾದ್ಯ ತೈಲ ತಯಾರಕರು, ಆಮದುದಾರರು ಮತ್ತು ಮಾರಾಟಗಾರರು ಕೇಂದ್ರ ಸರ್ಕಾರದ 2011 VOPPA ಕಾನೂನು ಪಾಲಿಸದಿದ್ದರೆ ಕಠಿಣ ಕ್ರಮ ಕೈಗೊಳ್ಳಲಾಗುವುದು ಎಂದು ಕೇಂದ್ರ ಸಚಿವ ಪ್ರಲ್ಹಾದ ಜೋಶಿ ಎಚ್ಚರಿಸಿದ್ದಾರೆ. ತರಕಾರಿ ತೈಲ ಉತ್ಪನ್ನಗಳು, ಉತ್ಪಾದನೆ ಮತ್ತು ಲಭ್ಯತೆ (ನಿಯಂತ್ರಣ) ಆದೇಶ-2011 (VOPPA) ಆದೇಶ-2025 ಜಾರಿಗೆ ತರಲಾಗಿದೆ. ನೋಂದಣಿ ಕಡ್ಡಾಯ ಮಾಡಲಾಗಿದ್ದು, ಮಾಸಿಕ ವರದಿ ಸಲ್ಲಿಸಬೇಕು. ಎಲ್ಲಾ ಖಾದ್ಯ ತೈಲ ಉದ್ಯಮಿಗಳು ಆನ್‌ಲೈನ್ ಪೋರ್ಟಲ್ ಮೂಲಕ ನೋಂದಣಿ ಮಾಡಿಕೊಳ್ಳಬೇಕು.
ನೋಂದಣಿ ಕಡ್ಡಾಯ: ಗ್ರಾಹಕರ ಹಿತದೃಷ್ಟಿಯಿಂದ ಪೂರೈಕೆ ಸರಪಳಿಯ ಪಾರದರ್ಶಕತೆ ಖಚಿತಪಡಿಸಲು ಈ ಕ್ರಮ. ವಿವರಗಳಿಗೆ nsws.gov.in ಮತ್ತು https://www.edibleoil-india.in ಜಾಲತಾಣ ಸಂಪರ್ಕಿಸಬಹುದು.
